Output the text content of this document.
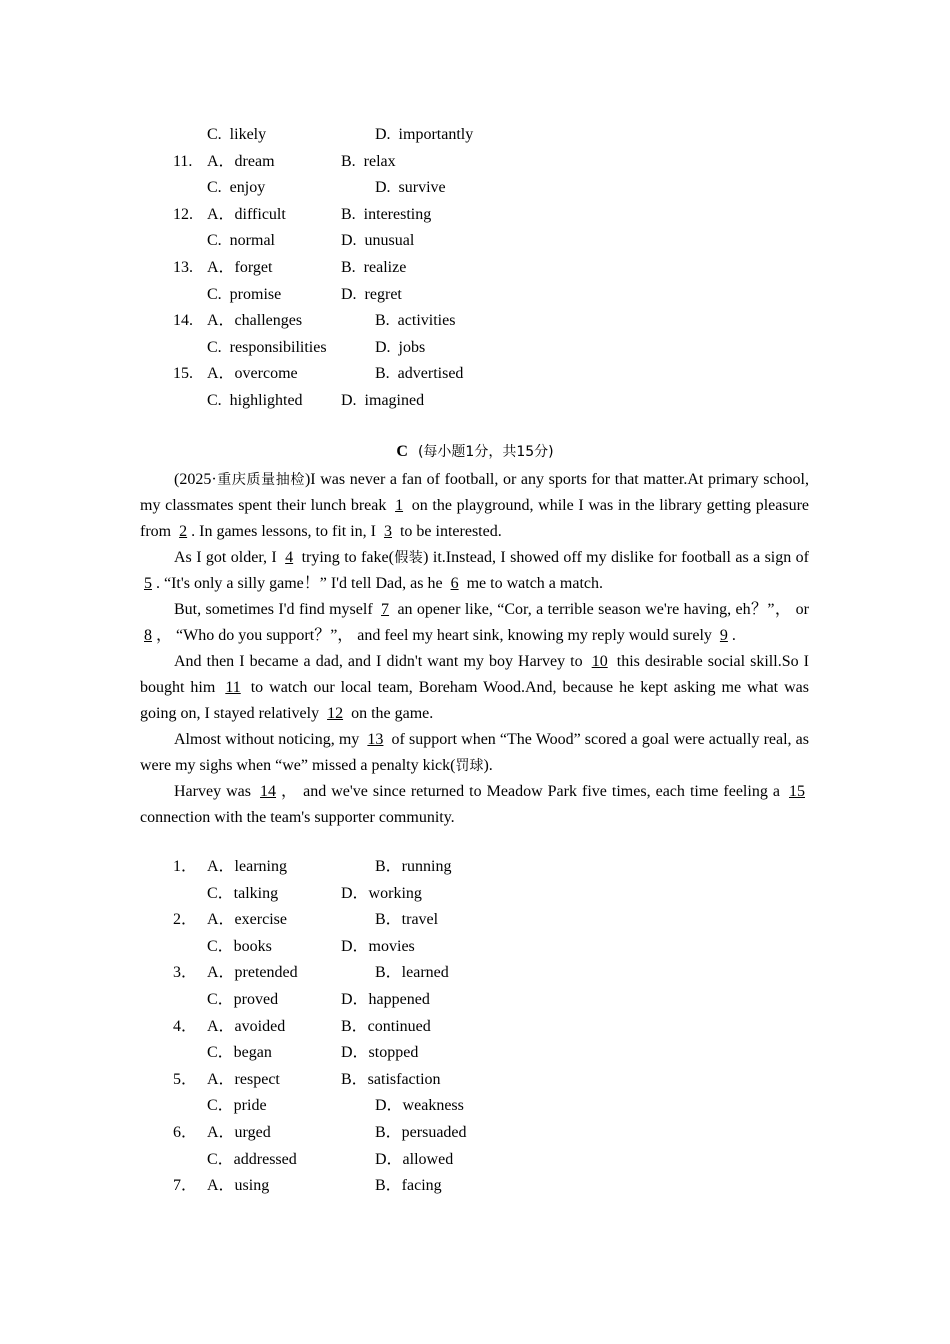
C. likely	D. importantly
11. A．dream	B. relax
C. enjoy	D. survive
12. A．difficult	B. interesting
C. normal	D. unusual
13. A．forget	B. realize
C. promise	D. regret
14. A．challenges	B. activities
C. responsibilities	D. jobs
15. A．overcome	B. advertised
C. highlighted D. imagined
C (每小题1分，共15分)

(2025·重庆质量抽检)I was never a fan of football, or any sports for that matter.At primary school, my classmates spent their lunch break 1 on the playground, while I was in the library getting pleasure from 2 . In games lessons, to fit in, I 3 to be interested.

As I got older, I 4 trying to fake(假装) it.Instead, I showed off my dislike for football as a sign of 5 . “It's only a silly game！” I'd tell Dad, as he 6 me to watch a match.

But, sometimes I'd find myself 7 an opener like, “Cor, a terrible season we're having, eh？”， or 8 ， “Who do you support？”， and feel my heart sink, knowing my reply would surely 9 .

And then I became a dad, and I didn't want my boy Harvey to 10 this desirable social skill.So I bought him 11 to watch our local team, Boreham Wood.And, because he kept asking me what was going on, I stayed relatively 12 on the game.

Almost without noticing, my 13 of support when “The Wood” scored a goal were actually real, as were my sighs when “we” missed a penalty kick(罚球).

Harvey was 14 ， and we've since returned to Meadow Park five times, each time feeling a 15 connection with the team's supporter community.

1． A．learning	B．running
C．talking	D．working
2． A．exercise	B．travel
C．books	D．movies
3． A．pretended	B．learned
C．proved	D．happened
4． A．avoided	B．continued
C．began	D．stopped
5． A．respect	B．satisfaction
C．pride	D．weakness
6． A．urged	B．persuaded
C．addressed	D．allowed
7． A．using	B．facing
